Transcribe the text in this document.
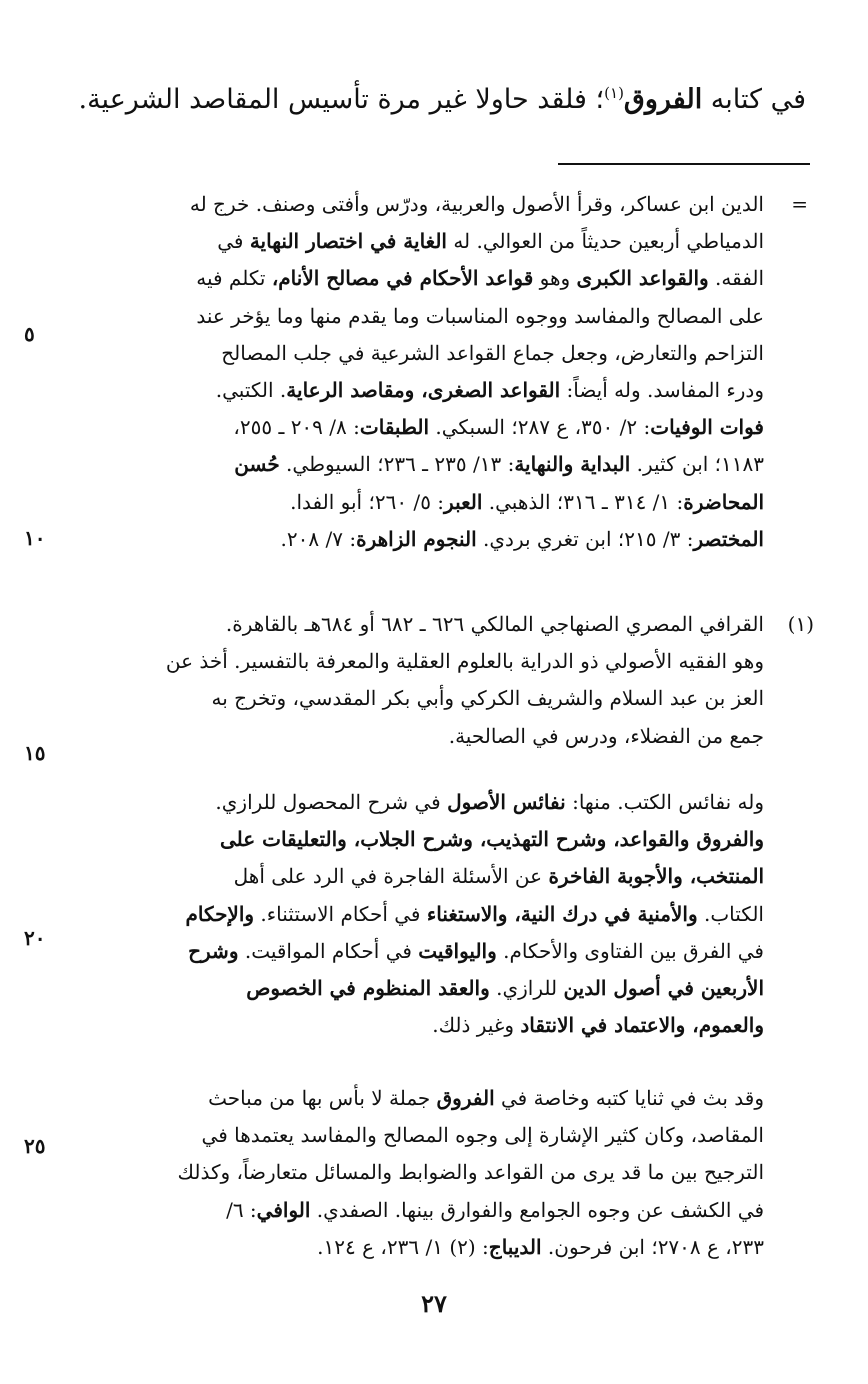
في كتابه الفروق$^{(١)}$؛ فلقد حاولا غير مرة تأسيس المقاصد الشرعية.
=

الدين ابن عساكر، وقرأ الأصول والعربية، ودرّس وأفتى وصنف. خرج له

الدمياطي أربعين حديثاً من العوالي. له الغاية في اختصار النهاية في

الفقه. والقواعد الكبرى وهو قواعد الأحكام في مصالح الأنام، تكلم فيه

على المصالح والمفاسد ووجوه المناسبات وما يقدم منها وما يؤخر عند

التزاحم والتعارض، وجعل جماع القواعد الشرعية في جلب المصالح

ودرء المفاسد. وله أيضاً: القواعد الصغرى، ومقاصد الرعاية. الكتبي.

فوات الوفيات: ٢/ ٣٥٠، ع ٢٨٧؛ السبكي. الطبقات: ٨/ ٢٠٩ ـ ٢٥٥،

١١٨٣؛ ابن كثير. البداية والنهاية: ١٣/ ٢٣٥ ـ ٢٣٦؛ السيوطي. حُسن

المحاضرة: ١/ ٣١٤ ـ ٣١٦؛ الذهبي. العبر: ٥/ ٢٦٠؛ أبو الفدا.

المختصر: ٣/ ٢١٥؛ ابن تغري بردي. النجوم الزاهرة: ٧/ ٢٠٨.

(١)

القرافي المصري الصنهاجي المالكي ٦٢٦ ـ ٦٨٢ أو ٦٨٤هـ بالقاهرة.

وهو الفقيه الأصولي ذو الدراية بالعلوم العقلية والمعرفة بالتفسير. أخذ عن

العز بن عبد السلام والشريف الكركي وأبي بكر المقدسي، وتخرج به

جمع من الفضلاء، ودرس في الصالحية.

وله نفائس الكتب. منها: نفائس الأصول في شرح المحصول للرازي.

والفروق والقواعد، وشرح التهذيب، وشرح الجلاب، والتعليقات على

المنتخب، والأجوبة الفاخرة عن الأسئلة الفاجرة في الرد على أهل

الكتاب. والأمنية في درك النية، والاستغناء في أحكام الاستثناء. والإحكام

في الفرق بين الفتاوى والأحكام. واليواقيت في أحكام المواقيت. وشرح

الأربعين في أصول الدين للرازي. والعقد المنظوم في الخصوص

والعموم، والاعتماد في الانتقاد وغير ذلك.

وقد بث في ثنايا كتبه وخاصة في الفروق جملة لا بأس بها من مباحث

المقاصد، وكان كثير الإشارة إلى وجوه المصالح والمفاسد يعتمدها في

الترجيح بين ما قد يرى من القواعد والضوابط والمسائل متعارضاً، وكذلك

في الكشف عن وجوه الجوامع والفوارق بينها. الصفدي. الوافي: ٦/

٢٣٣، ع ٢٧٠٨؛ ابن فرحون. الديباج: (٢) ١/ ٢٣٦، ع ١٢٤.

٥
١٠
١٥
٢٠
٢٥
٢٧
